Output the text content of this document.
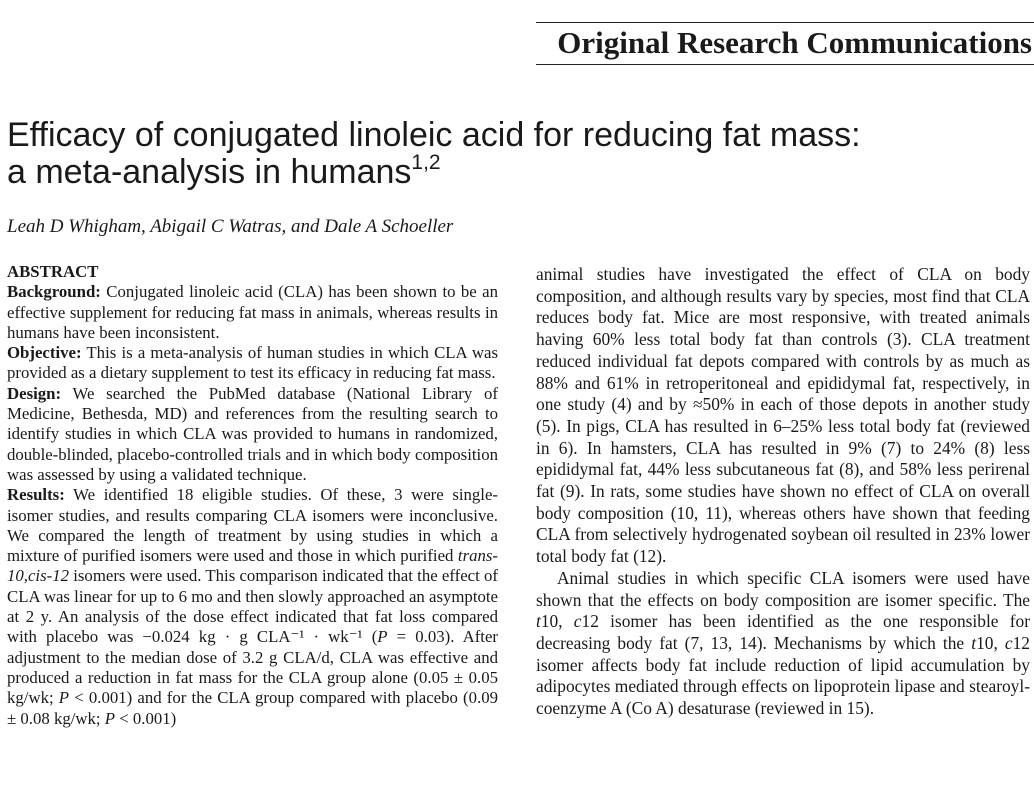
Original Research Communications
Efficacy of conjugated linoleic acid for reducing fat mass:
a meta-analysis in humans$^{1,2}$

Leah D Whigham, Abigail C Watras, and Dale A Schoeller

ABSTRACT

Background: Conjugated linoleic acid (CLA) has been shown to be an effective supplement for reducing fat mass in animals, whereas results in humans have been inconsistent.

Objective: This is a meta-analysis of human studies in which CLA was provided as a dietary supplement to test its efficacy in reducing fat mass.

Design: We searched the PubMed database (National Library of Medicine, Bethesda, MD) and references from the resulting search to identify studies in which CLA was provided to humans in randomized, double-blinded, placebo-controlled trials and in which body composition was assessed by using a validated technique.

Results: We identified 18 eligible studies. Of these, 3 were single-isomer studies, and results comparing CLA isomers were inconclusive. We compared the length of treatment by using studies in which a mixture of purified isomers were used and those in which purified trans-10,cis-12 isomers were used. This comparison indicated that the effect of CLA was linear for up to 6 mo and then slowly approached an asymptote at 2 y. An analysis of the dose effect indicated that fat loss compared with placebo was −0.024 kg · g CLA⁻¹ · wk⁻¹ (P = 0.03). After adjustment to the median dose of 3.2 g CLA/d, CLA was effective and produced a reduction in fat mass for the CLA group alone (0.05 ± 0.05 kg/wk; P < 0.001) and for the CLA group compared with placebo (0.09 ± 0.08 kg/wk; P < 0.001)

animal studies have investigated the effect of CLA on body composition, and although results vary by species, most find that CLA reduces body fat. Mice are most responsive, with treated animals having 60% less total body fat than controls (3). CLA treatment reduced individual fat depots compared with controls by as much as 88% and 61% in retroperitoneal and epididymal fat, respectively, in one study (4) and by ≈50% in each of those depots in another study (5). In pigs, CLA has resulted in 6–25% less total body fat (reviewed in 6). In hamsters, CLA has resulted in 9% (7) to 24% (8) less epididymal fat, 44% less subcutaneous fat (8), and 58% less perirenal fat (9). In rats, some studies have shown no effect of CLA on overall body composition (10, 11), whereas others have shown that feeding CLA from selectively hydrogenated soybean oil resulted in 23% lower total body fat (12).

Animal studies in which specific CLA isomers were used have shown that the effects on body composition are isomer specific. The t10, c12 isomer has been identified as the one responsible for decreasing body fat (7, 13, 14). Mechanisms by which the t10, c12 isomer affects body fat include reduction of lipid accumulation by adipocytes mediated through effects on lipoprotein lipase and stearoyl-coenzyme A (Co A) desaturase (reviewed in 15).
